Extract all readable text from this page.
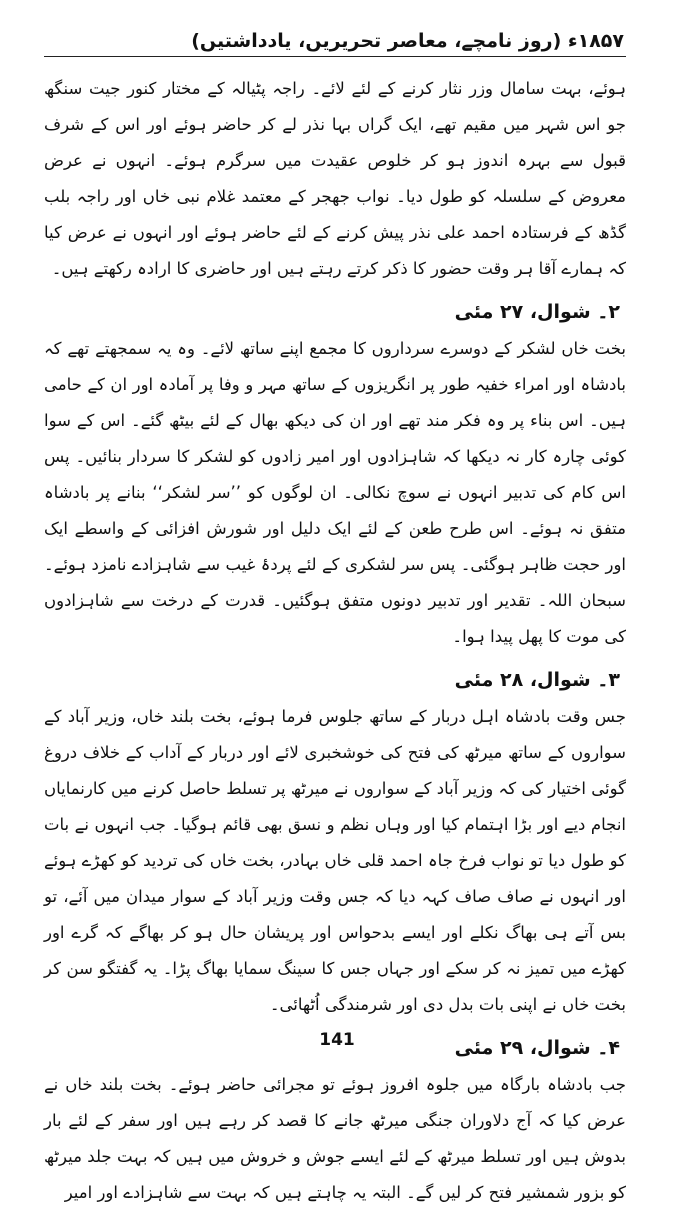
۱۸۵۷ء (روز نامچے، معاصر تحریریں، یادداشتیں)

ہوئے، بہت سامال وزر نثار کرنے کے لئے لائے۔ راجہ پٹیالہ کے مختار کنور جیت سنگھ جو اس شہر میں مقیم تھے، ایک گراں بہا نذر لے کر حاضر ہوئے اور اس کے شرف قبول سے بہرہ اندوز ہو کر خلوص عقیدت میں سرگرم ہوئے۔ انہوں نے عرض معروض کے سلسلہ کو طول دیا۔ نواب جھجر کے معتمد غلام نبی خاں اور راجہ بلب گڈھ کے فرستادہ احمد علی نذر پیش کرنے کے لئے حاضر ہوئے اور انہوں نے عرض کیا کہ ہمارے آقا ہر وقت حضور کا ذکر کرتے رہتے ہیں اور حاضری کا ارادہ رکھتے ہیں۔

۲۔ شوال، ۲۷ مئی

بخت خاں لشکر کے دوسرے سرداروں کا مجمع اپنے ساتھ لائے۔ وہ یہ سمجھتے تھے کہ بادشاہ اور امراء خفیہ طور پر انگریزوں کے ساتھ مہر و وفا پر آمادہ اور ان کے حامی ہیں۔ اس بناء پر وہ فکر مند تھے اور ان کی دیکھ بھال کے لئے بیٹھ گئے۔ اس کے سوا کوئی چارہ کار نہ دیکھا کہ شاہزادوں اور امیر زادوں کو لشکر کا سردار بنائیں۔ پس اس کام کی تدبیر انہوں نے سوچ نکالی۔ ان لوگوں کو ’’سر لشکر‘‘ بنانے پر بادشاہ متفق نہ ہوئے۔ اس طرح طعن کے لئے ایک دلیل اور شورش افزائی کے واسطے ایک اور حجت ظاہر ہوگئی۔ پس سر لشکری کے لئے پردۂ غیب سے شاہزادے نامزد ہوئے۔ سبحان اللہ۔ تقدیر اور تدبیر دونوں متفق ہوگئیں۔ قدرت کے درخت سے شاہزادوں کی موت کا پھل پیدا ہوا۔

۳۔ شوال، ۲۸ مئی

جس وقت بادشاہ اہل دربار کے ساتھ جلوس فرما ہوئے، بخت بلند خاں، وزیر آباد کے سواروں کے ساتھ میرٹھ کی فتح کی خوشخبری لائے اور دربار کے آداب کے خلاف دروغ گوئی اختیار کی کہ وزیر آباد کے سواروں نے میرٹھ پر تسلط حاصل کرنے میں کارنمایاں انجام دیے اور بڑا اہتمام کیا اور وہاں نظم و نسق بھی قائم ہوگیا۔ جب انہوں نے بات کو طول دیا تو نواب فرخ جاہ احمد قلی خاں بہادر، بخت خاں کی تردید کو کھڑے ہوئے اور انہوں نے صاف صاف کہہ دیا کہ جس وقت وزیر آباد کے سوار میدان میں آئے، تو بس آتے ہی بھاگ نکلے اور ایسے بدحواس اور پریشان حال ہو کر بھاگے کہ گرے اور کھڑے میں تمیز نہ کر سکے اور جہاں جس کا سینگ سمایا بھاگ پڑا۔ یہ گفتگو سن کر بخت خاں نے اپنی بات بدل دی اور شرمندگی اُٹھائی۔

۴۔ شوال، ۲۹ مئی

جب بادشاہ بارگاہ میں جلوہ افروز ہوئے تو مجرائی حاضر ہوئے۔ بخت بلند خاں نے عرض کیا کہ آج دلاوران جنگی میرٹھ جانے کا قصد کر رہے ہیں اور سفر کے لئے بار بدوش ہیں اور تسلط میرٹھ کے لئے ایسے جوش و خروش میں ہیں کہ بہت جلد میرٹھ کو بزور شمشیر فتح کر لیں گے۔ البتہ یہ چاہتے ہیں کہ بہت سے شاہزادے اور امیر

141
